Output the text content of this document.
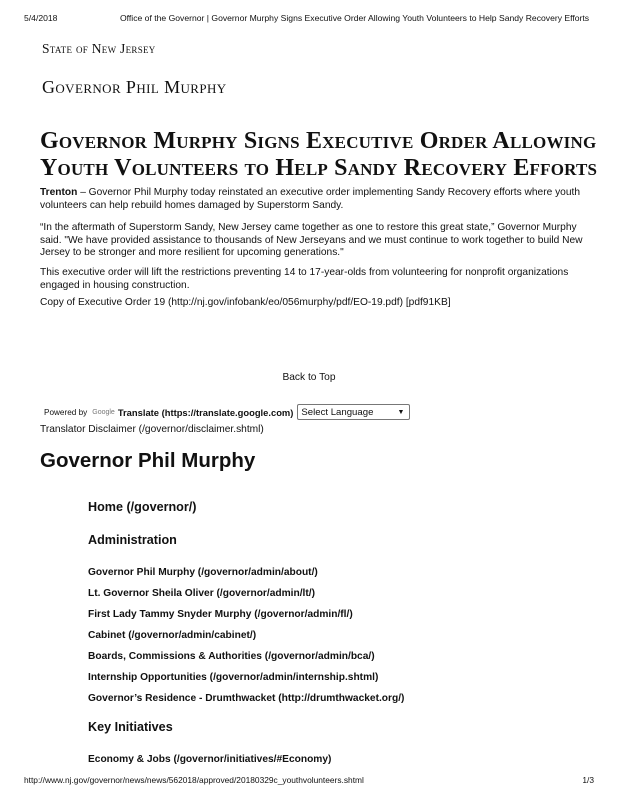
5/4/2018	Office of the Governor | Governor Murphy Signs Executive Order Allowing Youth Volunteers to Help Sandy Recovery Efforts
State of New Jersey
Governor Phil Murphy
Governor Murphy Signs Executive Order Allowing Youth Volunteers to Help Sandy Recovery Efforts

Trenton – Governor Phil Murphy today reinstated an executive order implementing Sandy Recovery efforts where youth volunteers can help rebuild homes damaged by Superstorm Sandy.

“In the aftermath of Superstorm Sandy, New Jersey came together as one to restore this great state,” Governor Murphy said. "We have provided assistance to thousands of New Jerseyans and we must continue to work together to build New Jersey to be stronger and more resilient for upcoming generations."

This executive order will lift the restrictions preventing 14 to 17-year-olds from volunteering for nonprofit organizations engaged in housing construction.

Copy of Executive Order 19 (http://nj.gov/infobank/eo/056murphy/pdf/EO-19.pdf) [pdf91KB]
Back to Top
Powered by Google Translate (https://translate.google.com) Select Language	▼
Translator Disclaimer (/governor/disclaimer.shtml)
Governor Phil Murphy
Home (/governor/)
Administration
Governor Phil Murphy (/governor/admin/about/)
Lt. Governor Sheila Oliver (/governor/admin/lt/)
First Lady Tammy Snyder Murphy (/governor/admin/fl/)
Cabinet (/governor/admin/cabinet/)
Boards, Commissions & Authorities (/governor/admin/bca/)
Internship Opportunities (/governor/admin/internship.shtml)
Governor’s Residence - Drumthwacket (http://drumthwacket.org/)
Key Initiatives
Economy & Jobs (/governor/initiatives/#Economy)
http://www.nj.gov/governor/news/news/562018/approved/20180329c_youthvolunteers.shtml	1/3
